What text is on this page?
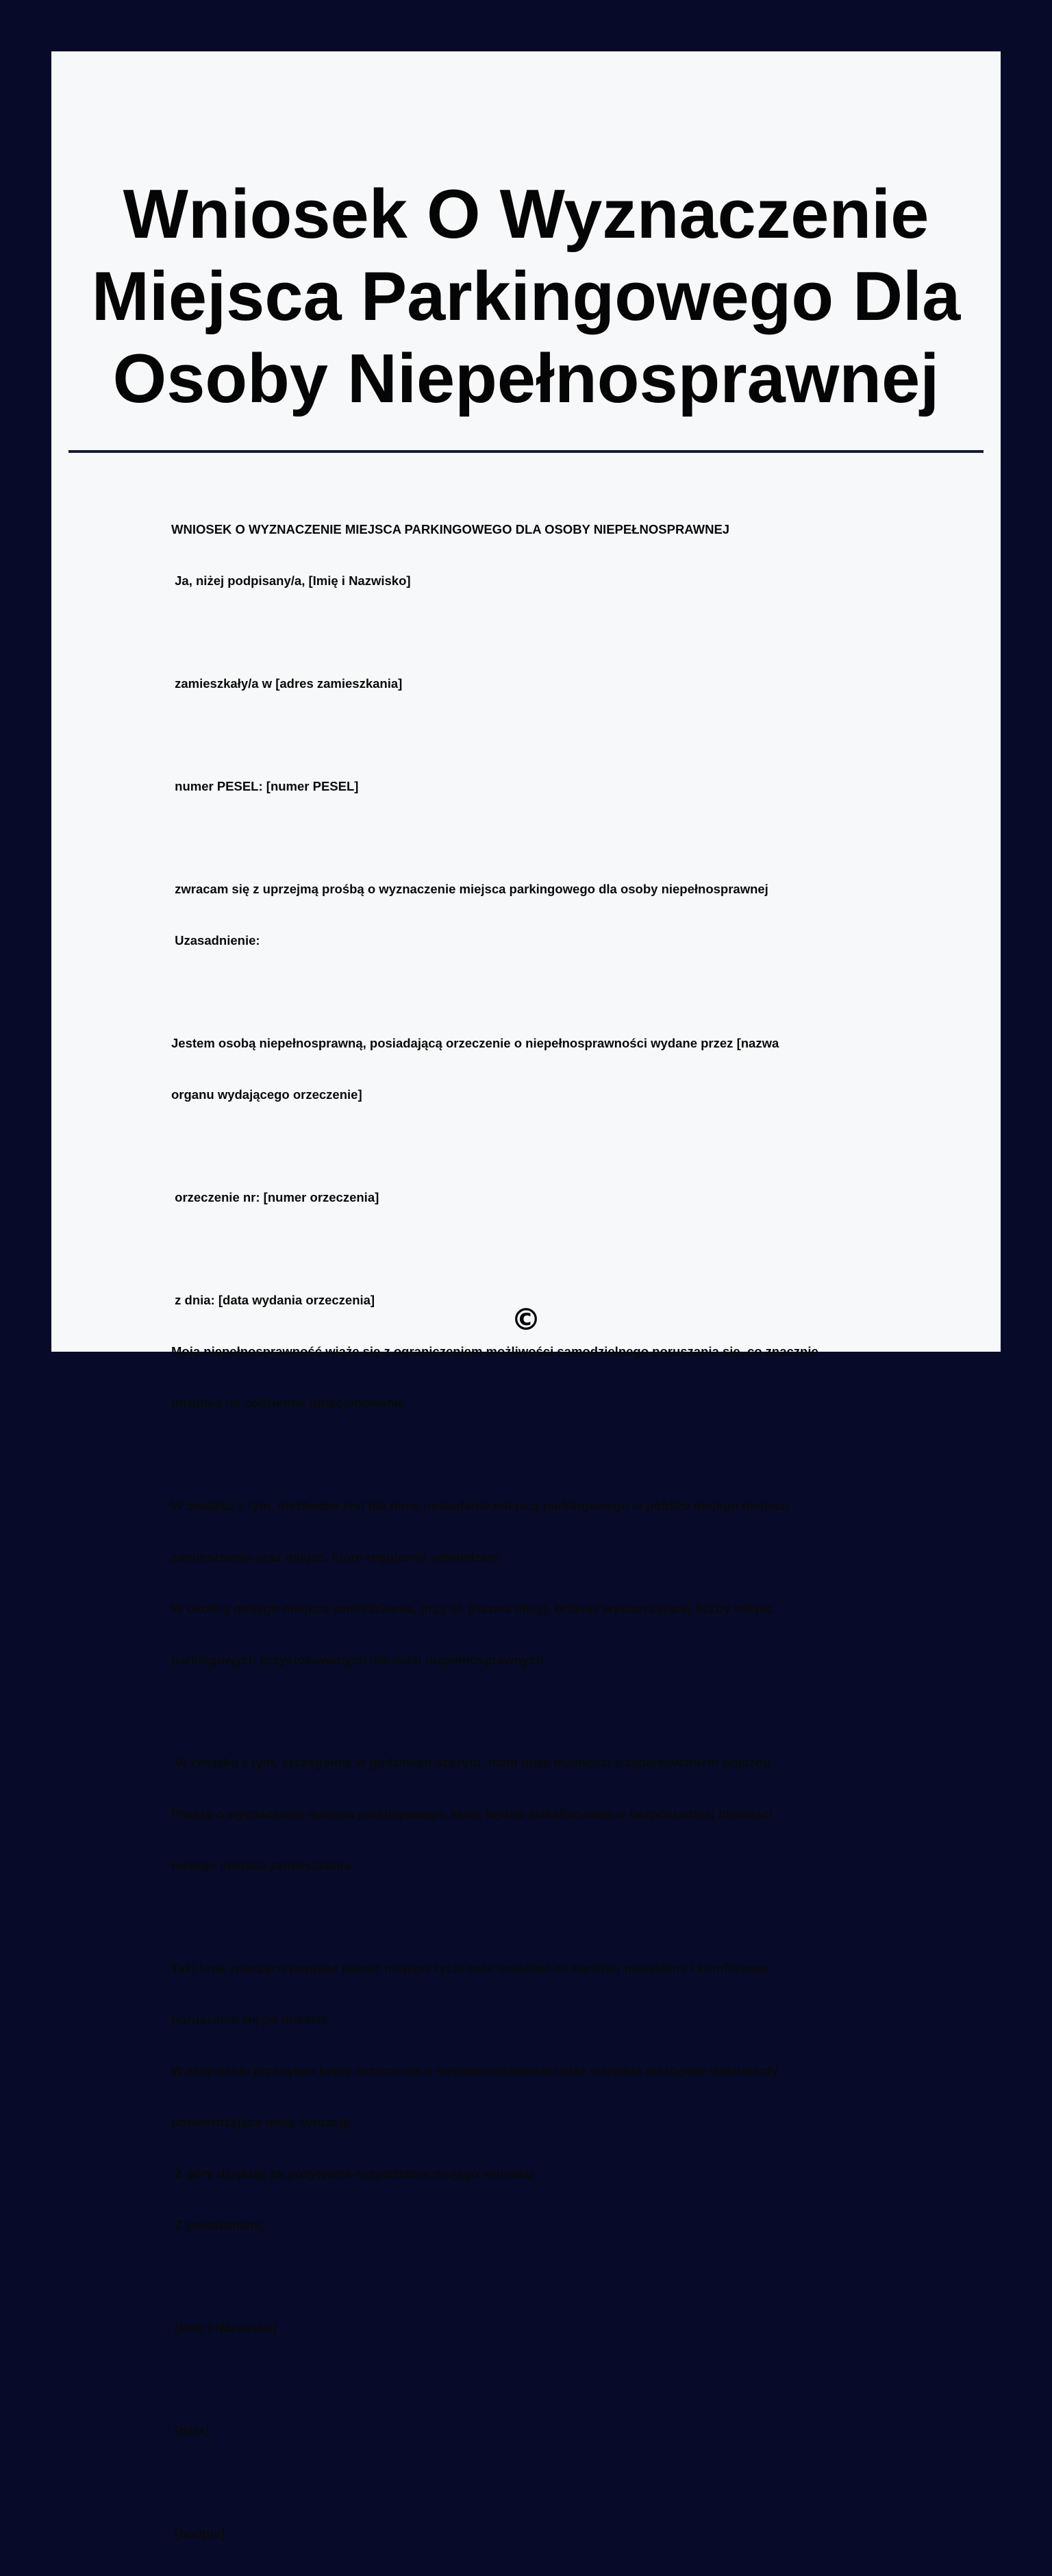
Wniosek O Wyznaczenie Miejsca Parkingowego Dla Osoby Niepełnosprawnej

WNIOSEK O WYZNACZENIE MIEJSCA PARKINGOWEGO DLA OSOBY NIEPEŁNOSPRAWNEJ

Ja, niżej podpisany/a, [Imię i Nazwisko]

zamieszkały/a w [adres zamieszkania]

numer PESEL: [numer PESEL]

zwracam się z uprzejmą prośbą o wyznaczenie miejsca parkingowego dla osoby niepełnosprawnej

Uzasadnienie:

Jestem osobą niepełnosprawną, posiadającą orzeczenie o niepełnosprawności wydane przez [nazwa

organu wydającego orzeczenie]

orzeczenie nr: [numer orzeczenia]

z dnia: [data wydania orzeczenia]

Moja niepełnosprawność wiąże się z ograniczeniem możliwości samodzielnego poruszania się, co znacznie

utrudnia mi codzienne funkcjonowanie

W związku z tym, niezbędne jest dla mnie posiadanie miejsca parkingowego w pobliżu mojego miejsca

zamieszkania oraz miejsc, które regularnie odwiedzam

W okolicy mojego miejsca zamieszkania, przy ul. [nazwa ulicy], brakuje wystarczającej liczby miejsc

parkingowych przystosowanych dla osób niepełnosprawnych

W związku z tym, szczególnie w godzinach szczytu, mam duże trudności z zaparkowaniem pojazdu

Proszę o wyznaczenie miejsca parkingowego, które będzie zlokalizowane w bezpośredniej bliskości

mojego miejsca zamieszkania

Taki krok znacząco poprawi jakość mojego życia oraz umożliwi mi bardziej niezależne i komfortowe

poruszanie się po mieście

W załączeniu przesyłam kopię orzeczenia o niepełnosprawności oraz wszelkie niezbędne dokumenty

potwierdzające moją sytuację

Z góry dziękuję za pozytywne rozpatrzenie mojego wniosku

Z poważaniem,

[Imię i Nazwisko]

[data]

[podpis]

©
